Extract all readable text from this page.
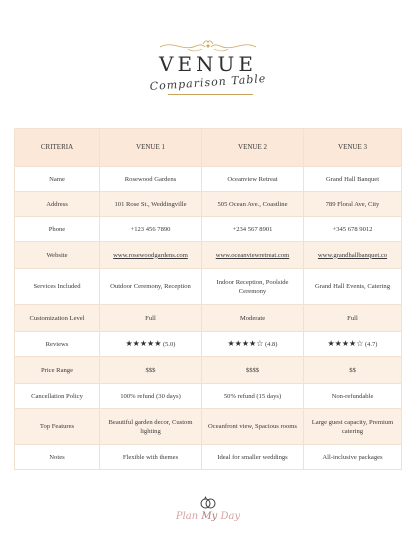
VENUE
Comparison Table
CRITERIA	VENUE 1	VENUE 2	VENUE 3
Name	Rosewood Gardens	Oceanview Retreat	Grand Hall Banquet
Address	101 Rose St., Weddingville	505 Ocean Ave., Coastline	789 Floral Ave, City
Phone	+123 456 7890	+234 567 8901	+345 678 9012
Website	www.rosewoodgardens.com	www.oceanviewretreat.com	www.grandhallbanquet.co
Services Included	Outdoor Ceremony, Reception	Indoor Reception, Poolside Ceremony	Grand Hall Events, Catering
Customization Level	Full	Moderate	Full
Reviews	★★★★★ (5.0)	★★★★☆ (4.8)	★★★★☆ (4.7)
Price Range	$$$	$$$$	$$
Cancellation Policy	100% refund (30 days)	50% refund (15 days)	Non-refundable
Top Features	Beautiful garden decor, Custom lighting	Oceanfront view, Spacious rooms	Large guest capacity, Premium catering
Notes	Flexible with themes	Ideal for smaller weddings	All-inclusive packages
Plan My Day
